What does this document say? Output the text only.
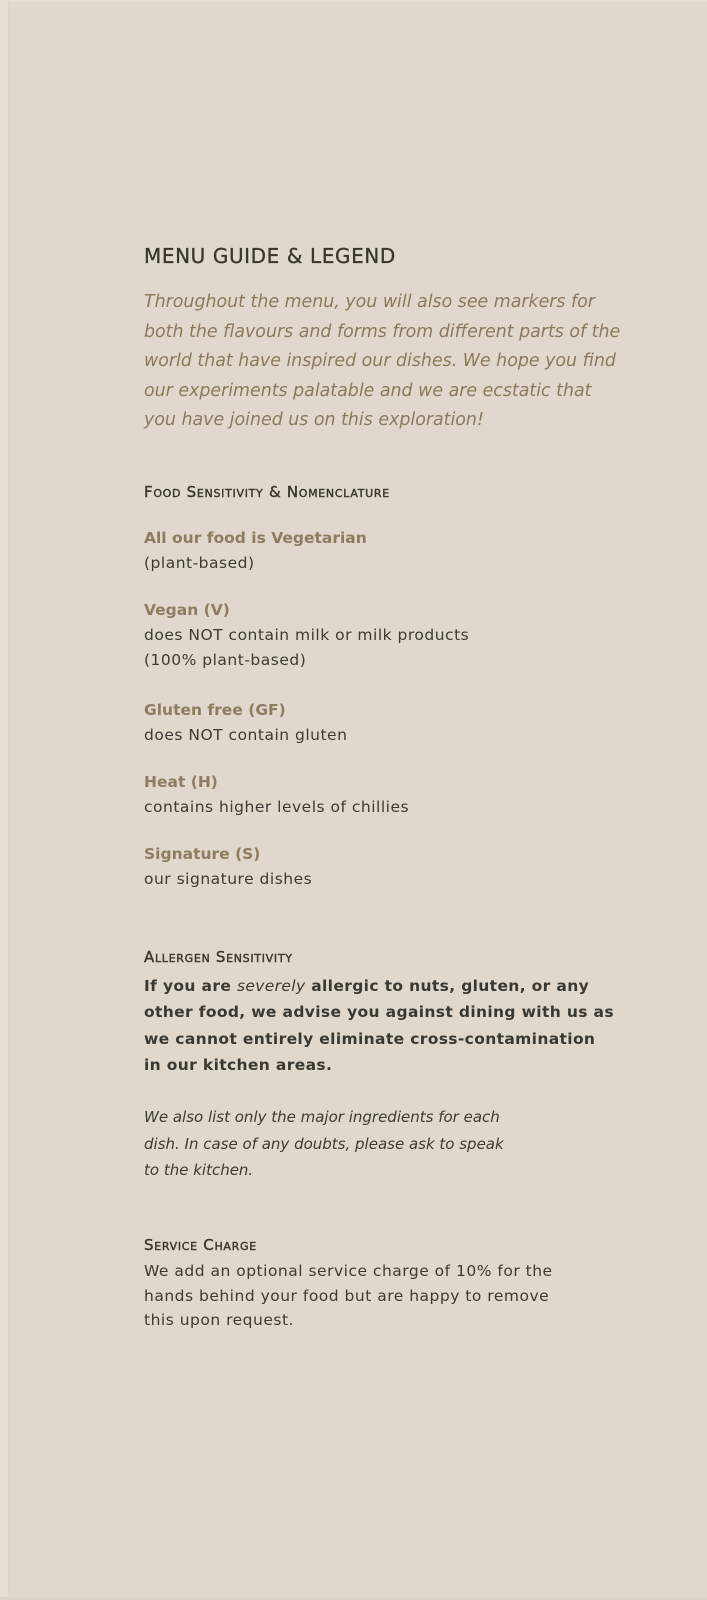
MENU GUIDE & LEGEND

Throughout the menu, you will also see markers for
both the flavours and forms from different parts of the
world that have inspired our dishes. We hope you find
our experiments palatable and we are ecstatic that
you have joined us on this exploration!

Food Sensitivity & Nomenclature
All our food is Vegetarian
(plant-based)
Vegan (V)
does NOT contain milk or milk products
(100% plant-based)
Gluten free (GF)
does NOT contain gluten
Heat (H)
contains higher levels of chillies
Signature (S)
our signature dishes
Allergen Sensitivity
If you are severely allergic to nuts, gluten, or any
other food, we advise you against dining with us as
we cannot entirely eliminate cross-contamination
in our kitchen areas.
We also list only the major ingredients for each
dish. In case of any doubts, please ask to speak
to the kitchen.
Service Charge
We add an optional service charge of 10% for the
hands behind your food but are happy to remove
this upon request.
